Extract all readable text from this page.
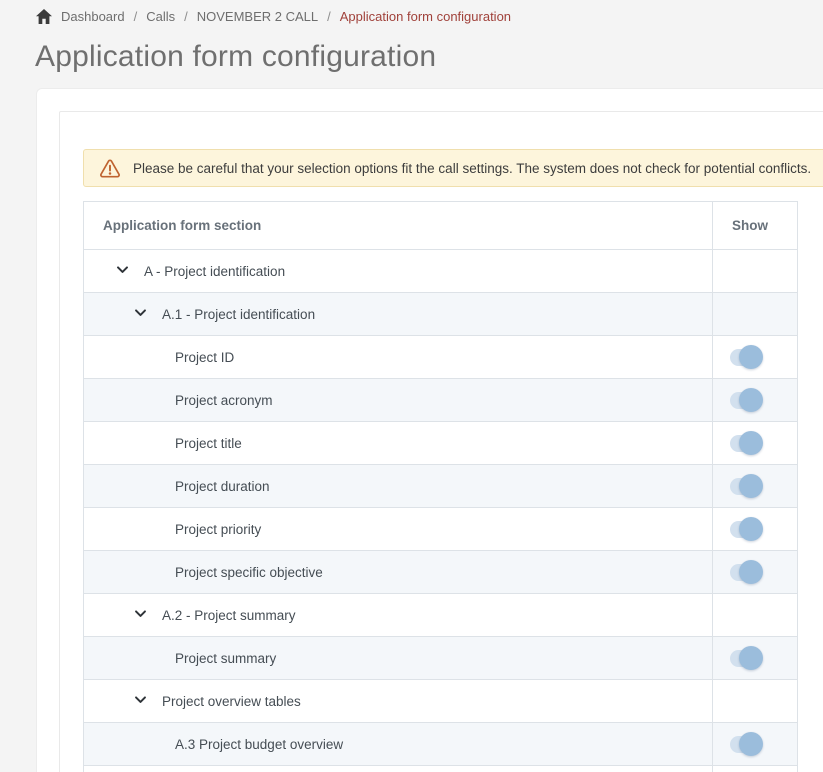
Dashboard / Calls / NOVEMBER 2 CALL / Application form configuration
Application form configuration
Please be careful that your selection options fit the call settings. The system does not check for potential conflicts.
Application form section	Show
A - Project identification	
A.1 - Project identification	
Project ID	

Project acronym	

Project title	

Project duration	

Project priority	

Project specific objective	

A.2 - Project summary	
Project summary	

Project overview tables	
A.3 Project budget overview	
